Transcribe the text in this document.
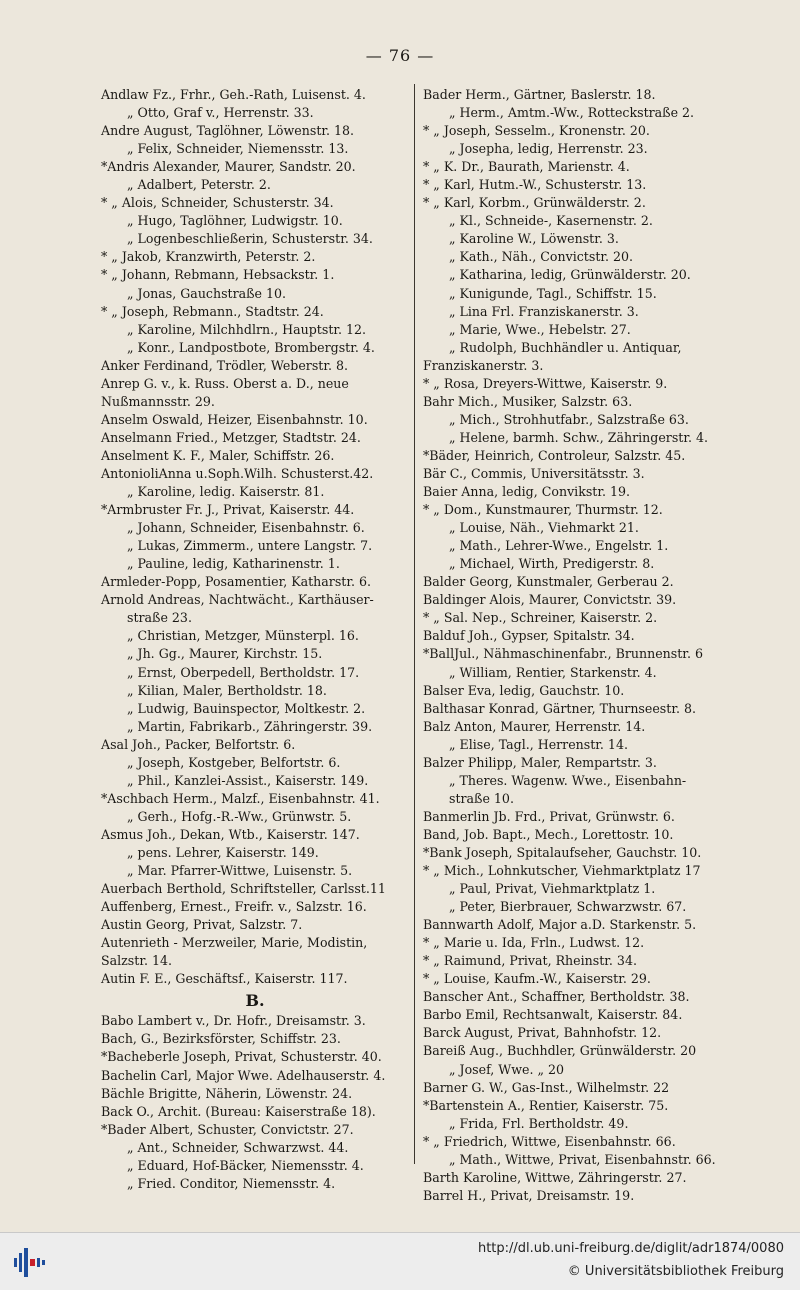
— 76 —
Andlaw Fz., Frhr., Geh.-Rath, Luisenst. 4.
„ Otto, Graf v., Herrenstr. 33.
Andre August, Taglöhner, Löwenstr. 18.
„ Felix, Schneider, Niemensstr. 13.
*Andris Alexander, Maurer, Sandstr. 20.
„ Adalbert, Peterstr. 2.
* „ Alois, Schneider, Schusterstr. 34.
„ Hugo, Taglöhner, Ludwigstr. 10.
„ Logenbeschließerin, Schusterstr. 34.
* „ Jakob, Kranzwirth, Peterstr. 2.
* „ Johann, Rebmann, Hebsackstr. 1.
„ Jonas, Gauchstraße 10.
* „ Joseph, Rebmann., Stadtstr. 24.
„ Karoline, Milchhdlrn., Hauptstr. 12.
„ Konr., Landpostbote, Brombergstr. 4.
Anker Ferdinand, Trödler, Weberstr. 8.
Anrep G. v., k. Russ. Oberst a. D., neue
Nußmannsstr. 29.
Anselm Oswald, Heizer, Eisenbahnstr. 10.
Anselmann Fried., Metzger, Stadtstr. 24.
Anselment K. F., Maler, Schiffstr. 26.
AntonioliAnna u.Soph.Wilh. Schusterst.42.
„ Karoline, ledig. Kaiserstr. 81.
*Armbruster Fr. J., Privat, Kaiserstr. 44.
„ Johann, Schneider, Eisenbahnstr. 6.
„ Lukas, Zimmerm., untere Langstr. 7.
„ Pauline, ledig, Katharinenstr. 1.
Armleder-Popp, Posamentier, Katharstr. 6.
Arnold Andreas, Nachtwächt., Karthäuser-
straße 23.
„ Christian, Metzger, Münsterpl. 16.
„ Jh. Gg., Maurer, Kirchstr. 15.
„ Ernst, Oberpedell, Bertholdstr. 17.
„ Kilian, Maler, Bertholdstr. 18.
„ Ludwig, Bauinspector, Moltkestr. 2.
„ Martin, Fabrikarb., Zähringerstr. 39.
Asal Joh., Packer, Belfortstr. 6.
„ Joseph, Kostgeber, Belfortstr. 6.
„ Phil., Kanzlei-Assist., Kaiserstr. 149.
*Aschbach Herm., Malzf., Eisenbahnstr. 41.
„ Gerh., Hofg.-R.-Ww., Grünwstr. 5.
Asmus Joh., Dekan, Wtb., Kaiserstr. 147.
„ pens. Lehrer, Kaiserstr. 149.
„ Mar. Pfarrer-Wittwe, Luisenstr. 5.
Auerbach Berthold, Schriftsteller, Carlsst.11
Auffenberg, Ernest., Freifr. v., Salzstr. 16.
Austin Georg, Privat, Salzstr. 7.
Autenrieth - Merzweiler, Marie, Modistin,
Salzstr. 14.
Autin F. E., Geschäftsf., Kaiserstr. 117.
B.
Babo Lambert v., Dr. Hofr., Dreisamstr. 3.
Bach, G., Bezirksförster, Schiffstr. 23.
*Bacheberle Joseph, Privat, Schusterstr. 40.
Bachelin Carl, Major Wwe. Adelhauserstr. 4.
Bächle Brigitte, Näherin, Löwenstr. 24.
Back O., Archit. (Bureau: Kaiserstraße 18).
*Bader Albert, Schuster, Convictstr. 27.
„ Ant., Schneider, Schwarzwst. 44.
„ Eduard, Hof-Bäcker, Niemensstr. 4.
„ Fried. Conditor, Niemensstr. 4.
Bader Herm., Gärtner, Baslerstr. 18.
„ Herm., Amtm.-Ww., Rotteckstraße 2.
* „ Joseph, Sesselm., Kronenstr. 20.
„ Josepha, ledig, Herrenstr. 23.
* „ K. Dr., Baurath, Marienstr. 4.
* „ Karl, Hutm.-W., Schusterstr. 13.
* „ Karl, Korbm., Grünwälderstr. 2.
„ Kl., Schneide-, Kasernenstr. 2.
„ Karoline W., Löwenstr. 3.
„ Kath., Näh., Convictstr. 20.
„ Katharina, ledig, Grünwälderstr. 20.
„ Kunigunde, Tagl., Schiffstr. 15.
„ Lina Frl. Franziskanerstr. 3.
„ Marie, Wwe., Hebelstr. 27.
„ Rudolph, Buchhändler u. Antiquar,
Franziskanerstr. 3.
* „ Rosa, Dreyers-Wittwe, Kaiserstr. 9.
Bahr Mich., Musiker, Salzstr. 63.
„ Mich., Strohhutfabr., Salzstraße 63.
„ Helene, barmh. Schw., Zähringerstr. 4.
*Bäder, Heinrich, Controleur, Salzstr. 45.
Bär C., Commis, Universitätsstr. 3.
Baier Anna, ledig, Convikstr. 19.
* „ Dom., Kunstmaurer, Thurmstr. 12.
„ Louise, Näh., Viehmarkt 21.
„ Math., Lehrer-Wwe., Engelstr. 1.
„ Michael, Wirth, Predigerstr. 8.
Balder Georg, Kunstmaler, Gerberau 2.
Baldinger Alois, Maurer, Convictstr. 39.
* „ Sal. Nep., Schreiner, Kaiserstr. 2.
Balduf Joh., Gypser, Spitalstr. 34.
*BallJul., Nähmaschinenfabr., Brunnenstr. 6
„ William, Rentier, Starkenstr. 4.
Balser Eva, ledig, Gauchstr. 10.
Balthasar Konrad, Gärtner, Thurnseestr. 8.
Balz Anton, Maurer, Herrenstr. 14.
„ Elise, Tagl., Herrenstr. 14.
Balzer Philipp, Maler, Rempartstr. 3.
„ Theres. Wagenw. Wwe., Eisenbahn-
straße 10.
Banmerlin Jb. Frd., Privat, Grünwstr. 6.
Band, Job. Bapt., Mech., Lorettostr. 10.
*Bank Joseph, Spitalaufseher, Gauchstr. 10.
* „ Mich., Lohnkutscher, Viehmarktplatz 17
„ Paul, Privat, Viehmarktplatz 1.
„ Peter, Bierbrauer, Schwarzwstr. 67.
Bannwarth Adolf, Major a.D. Starkenstr. 5.
* „ Marie u. Ida, Frln., Ludwst. 12.
* „ Raimund, Privat, Rheinstr. 34.
* „ Louise, Kaufm.-W., Kaiserstr. 29.
Banscher Ant., Schaffner, Bertholdstr. 38.
Barbo Emil, Rechtsanwalt, Kaiserstr. 84.
Barck August, Privat, Bahnhofstr. 12.
Bareiß Aug., Buchhdler, Grünwälderstr. 20
„ Josef, Wwe. „ 20
Barner G. W., Gas-Inst., Wilhelmstr. 22
*Bartenstein A., Rentier, Kaiserstr. 75.
„ Frida, Frl. Bertholdstr. 49.
* „ Friedrich, Wittwe, Eisenbahnstr. 66.
„ Math., Wittwe, Privat, Eisenbahnstr. 66.
Barth Karoline, Wittwe, Zähringerstr. 27.
Barrel H., Privat, Dreisamstr. 19.
http://dl.ub.uni-freiburg.de/diglit/adr1874/0080
© Universitätsbibliothek Freiburg
